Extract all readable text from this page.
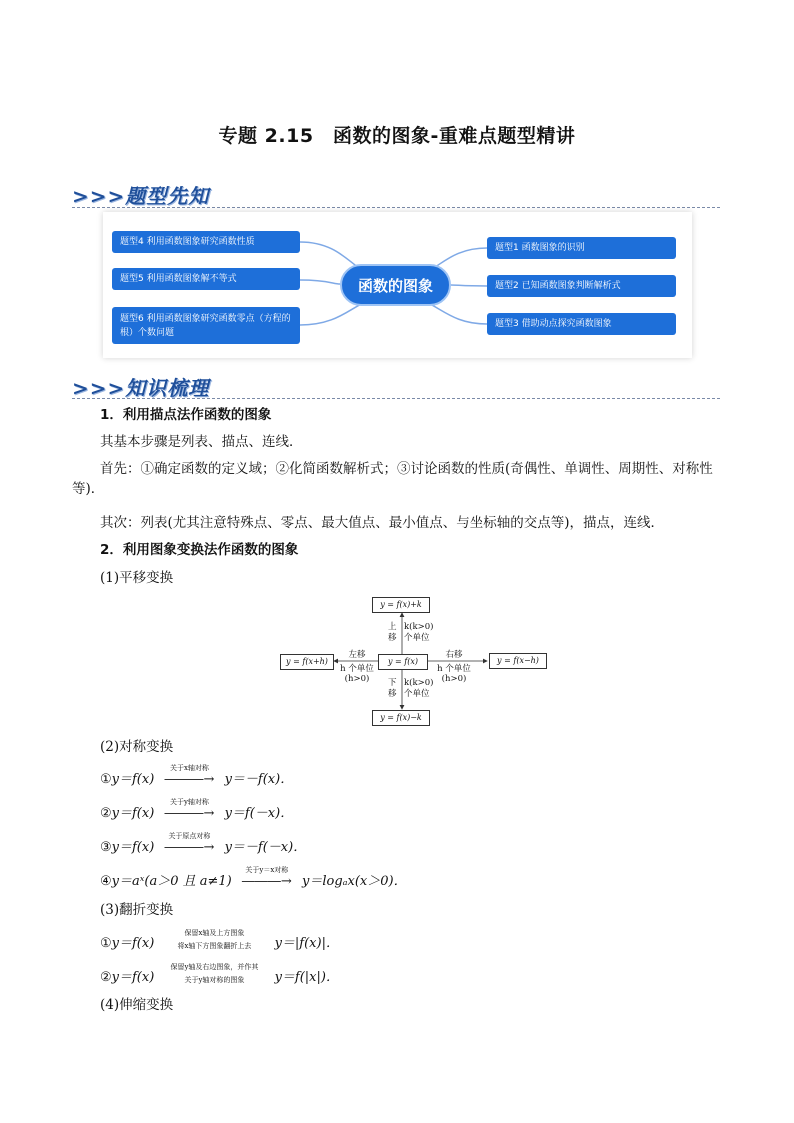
专题 2.15　函数的图象-重难点题型精讲
>>>题型先知
题型4 利用函数图象研究函数性质
题型5 利用函数图象解不等式
题型6 利用函数图象研究函数零点（方程的根）个数问题
函数的图象
题型1 函数图象的识别
题型2 已知函数图象判断解析式
题型3 借助动点探究函数图象
>>>知识梳理
1．利用描点法作函数的图象
其基本步骤是列表、描点、连线．
首先：①确定函数的定义域；②化简函数解析式；③讨论函数的性质(奇偶性、单调性、周期性、对称性等)．
其次：列表(尤其注意特殊点、零点、最大值点、最小值点、与坐标轴的交点等)，描点，连线．
2．利用图象变换法作函数的图象
(1)平移变换
y = f(x)+k
y = f(x)−k
y = f(x+h)	y = f(x−h)
y = f(x)
上
移
k(k>0)
个单位
下
移
k(k>0)
个单位
左移
h 个单位
(h>0)
右移
h 个单位
(h>0)
(2)对称变换
①y＝f(x)
关于x轴对称
―――→ y＝－f(x)．
②y＝f(x)
关于y轴对称
―――→ y＝f(－x)．
③y＝f(x)
关于原点对称
―――→ y＝－f(－x)．
④y＝aˣ(a＞0 且 a≠1)
关于y＝x对称
―――→ y＝logₐx(x＞0)．
(3)翻折变换
①y＝f(x)
保留x轴及上方图象
将x轴下方图象翻折上去	y＝|f(x)|．
②y＝f(x)
保留y轴及右边图象，并作其
关于y轴对称的图象	y＝f(|x|)．
(4)伸缩变换
